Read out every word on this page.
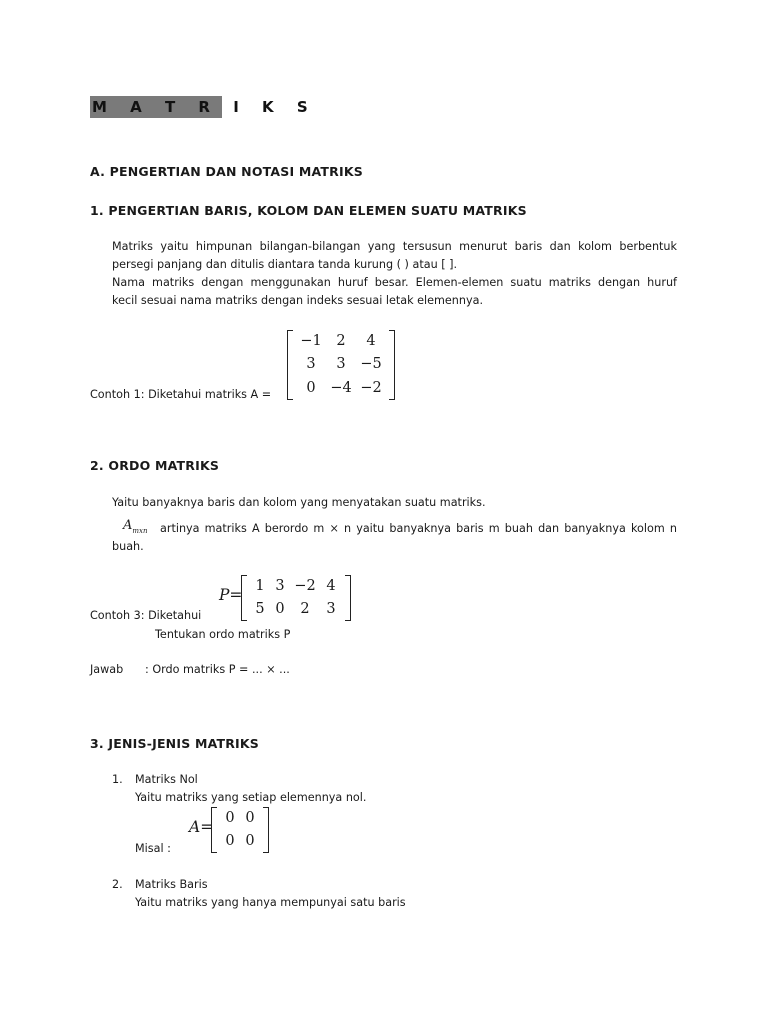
M A T R I K S
A. PENGERTIAN DAN NOTASI MATRIKS
1. PENGERTIAN BARIS, KOLOM DAN ELEMEN SUATU MATRIKS
Matriks yaitu himpunan bilangan-bilangan yang tersusun menurut baris dan kolom berbentuk
persegi panjang dan ditulis diantara tanda kurung ( ) atau [ ].
Nama matriks dengan menggunakan huruf besar. Elemen-elemen suatu matriks dengan huruf
kecil sesuai nama matriks dengan indeks sesuai letak elemennya.
Contoh 1: Diketahui matriks A =
−1	2	4
3	3	−5
0	−4 −2
2. ORDO MATRIKS
Yaitu banyaknya baris dan kolom yang menyatakan suatu matriks.
$A_{mxn}$ artinya matriks A berordo m × n yaitu banyaknya baris m buah dan banyaknya kolom n
buah.
P= 1 3 −2 4
5 0	2	3
Contoh 3: Diketahui
Tentukan ordo matriks P
Jawab : Ordo matriks P = ... × ...
3. JENIS-JENIS MATRIKS
1. Matriks Nol
Yaitu matriks yang setiap elemennya nol.
A= 0 0
0 0
Misal :
2. Matriks Baris
Yaitu matriks yang hanya mempunyai satu baris
